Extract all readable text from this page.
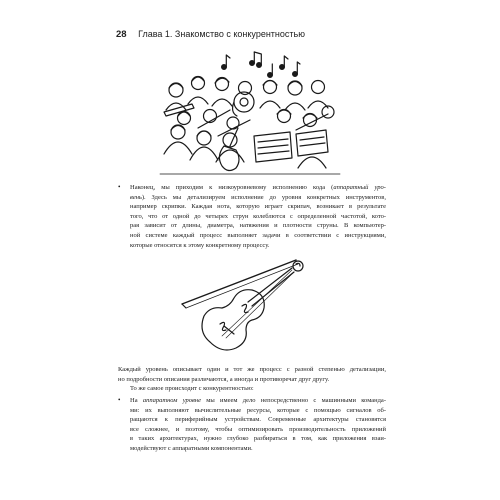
28 Глава 1. Знакомство с конкурентностью
• Наконец, мы приходим к низкоуровневому исполнению кода (аппаратный уро-
вень). Здесь мы детализируем исполнение до уровня конкретных инструментов,
например скрипки. Каждая нота, которую играет скрипач, возникает в результате
того, что от одной до четырех струн колеблются с определенной частотой, кото-
рая зависит от длины, диаметра, натяжения и плотности струны. В компьютер-
ной системе каждый процесс выполняет задачи в соответствии с инструкциями,
которые относятся к этому конкретному процессу.

Каждый уровень описывает один и тот же процесс с разной степенью детализации,
но подробности описания различаются, а иногда и противоречат друг другу.

То же самое происходит с конкурентностью:

• На аппаратном уровне мы имеем дело непосредственно с машинными команда-
ми: их выполняют вычислительные ресурсы, которые с помощью сигналов об-
ращаются к периферийным устройствам. Современные архитектуры становятся
все сложнее, и поэтому, чтобы оптимизировать производительность приложений
в таких архитектурах, нужно глубоко разбираться в том, как приложения взаи-
модействуют с аппаратными компонентами.
